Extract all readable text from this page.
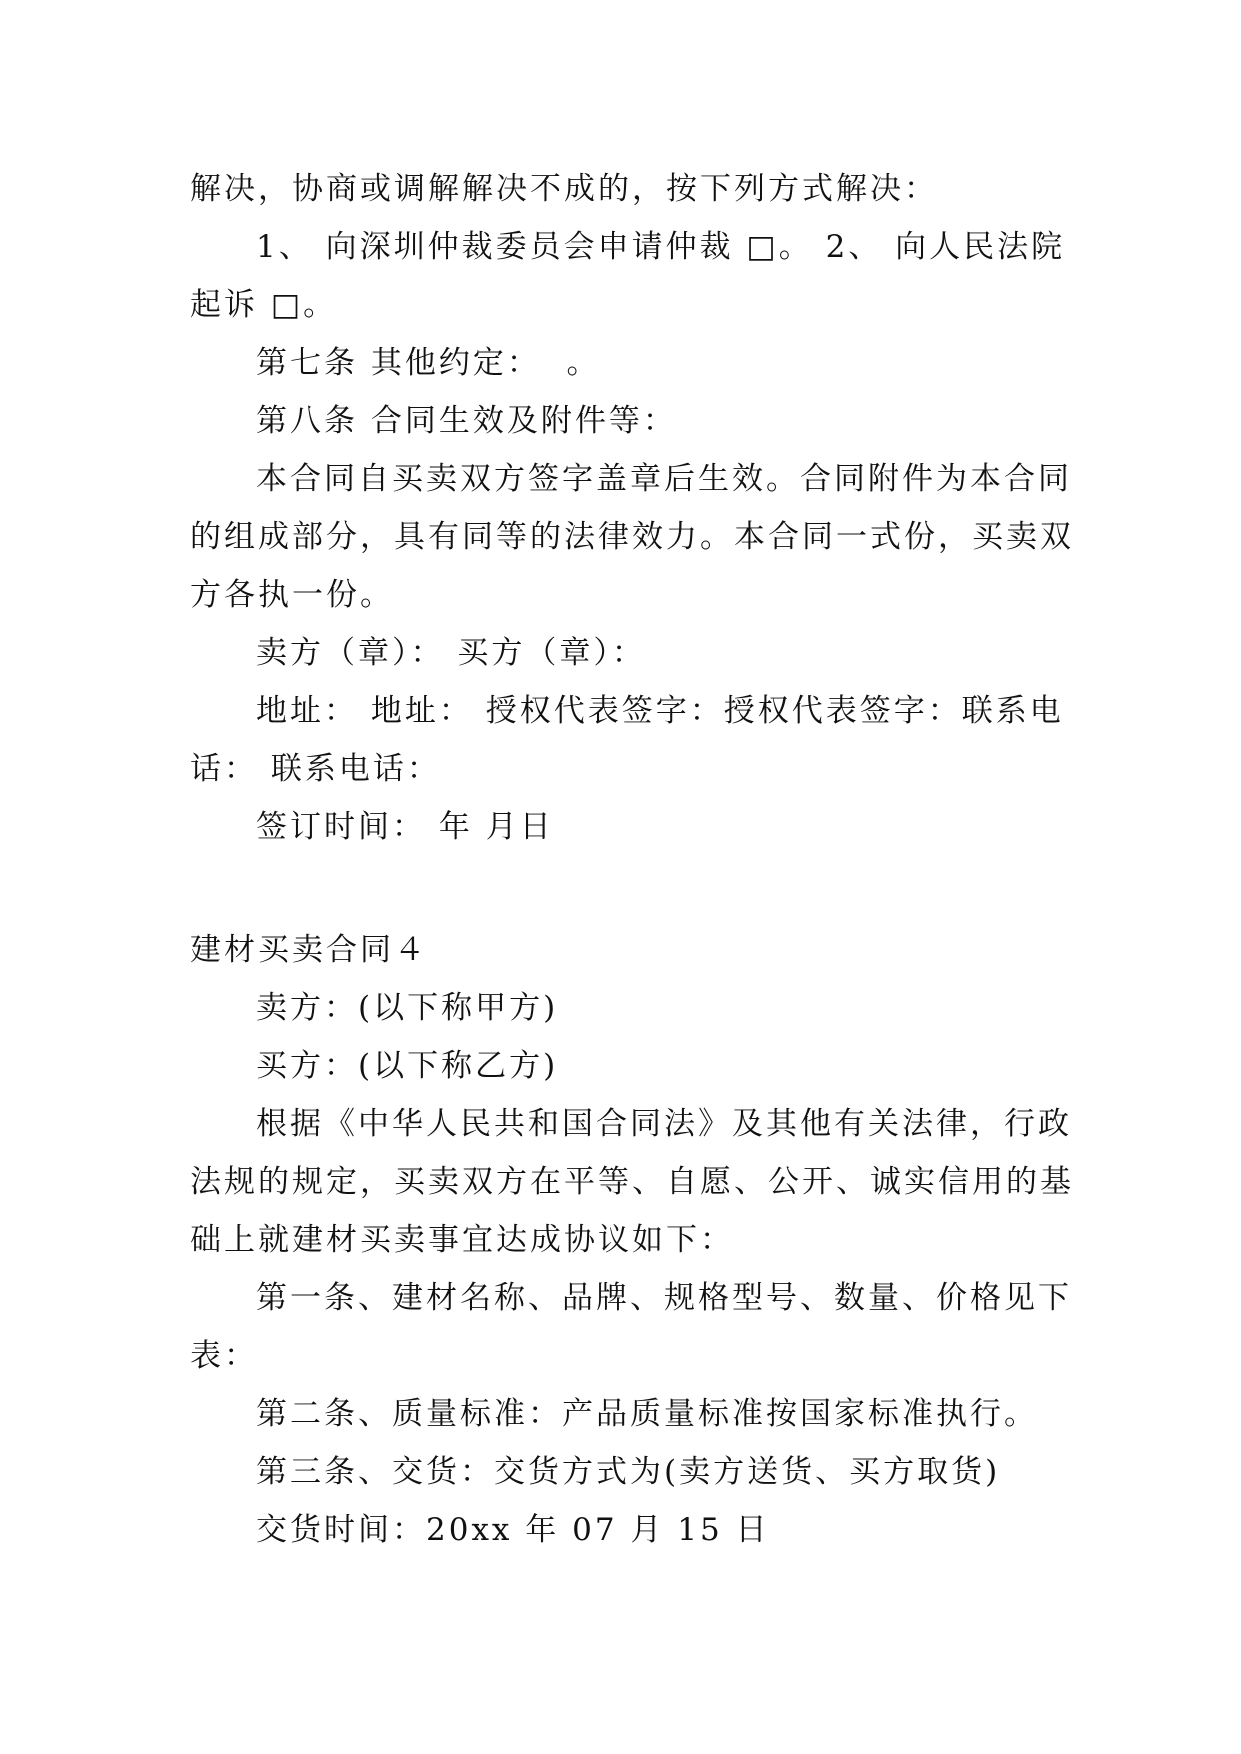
解决，协商或调解解决不成的，按下列方式解决：

1、 向深圳仲裁委员会申请仲裁 □。 2、 向人民法院

起诉 □。

第七条 其他约定：  。

第八条 合同生效及附件等：

本合同自买卖双方签字盖章后生效。合同附件为本合同

的组成部分，具有同等的法律效力。本合同一式份，买卖双

方各执一份。

卖方（章）： 买方（章）：

地址： 地址： 授权代表签字：授权代表签字：联系电

话： 联系电话：

签订时间： 年 月日

建材买卖合同４

卖方：(以下称甲方)

买方：(以下称乙方)

根据《中华人民共和国合同法》及其他有关法律，行政

法规的规定，买卖双方在平等、自愿、公开、诚实信用的基

础上就建材买卖事宜达成协议如下：

第一条、建材名称、品牌、规格型号、数量、价格见下

表：

第二条、质量标准：产品质量标准按国家标准执行。

第三条、交货：交货方式为(卖方送货、买方取货)

交货时间：20xx 年 07 月 15 日
